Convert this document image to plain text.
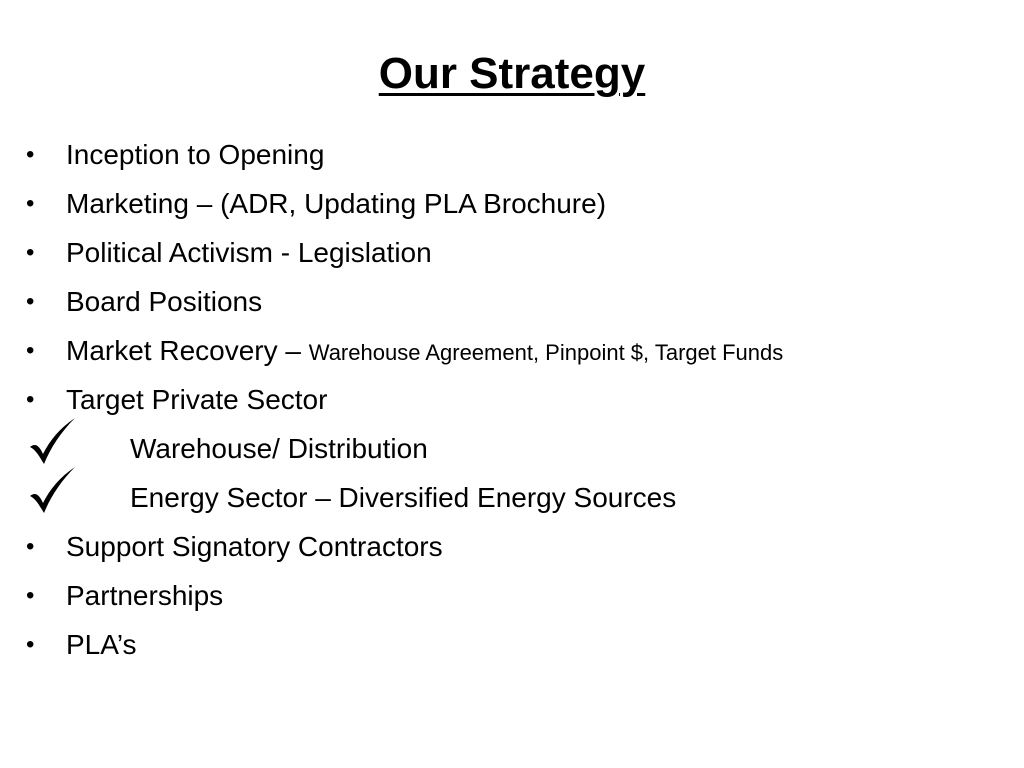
Our Strategy
• Inception to Opening
• Marketing – (ADR, Updating PLA Brochure)
• Political Activism - Legislation
• Board Positions
• Market Recovery – Warehouse Agreement, Pinpoint $, Target Funds
• Target Private Sector
Warehouse/ Distribution
Energy Sector – Diversified Energy Sources
• Support Signatory Contractors
• Partnerships
• PLA’s
